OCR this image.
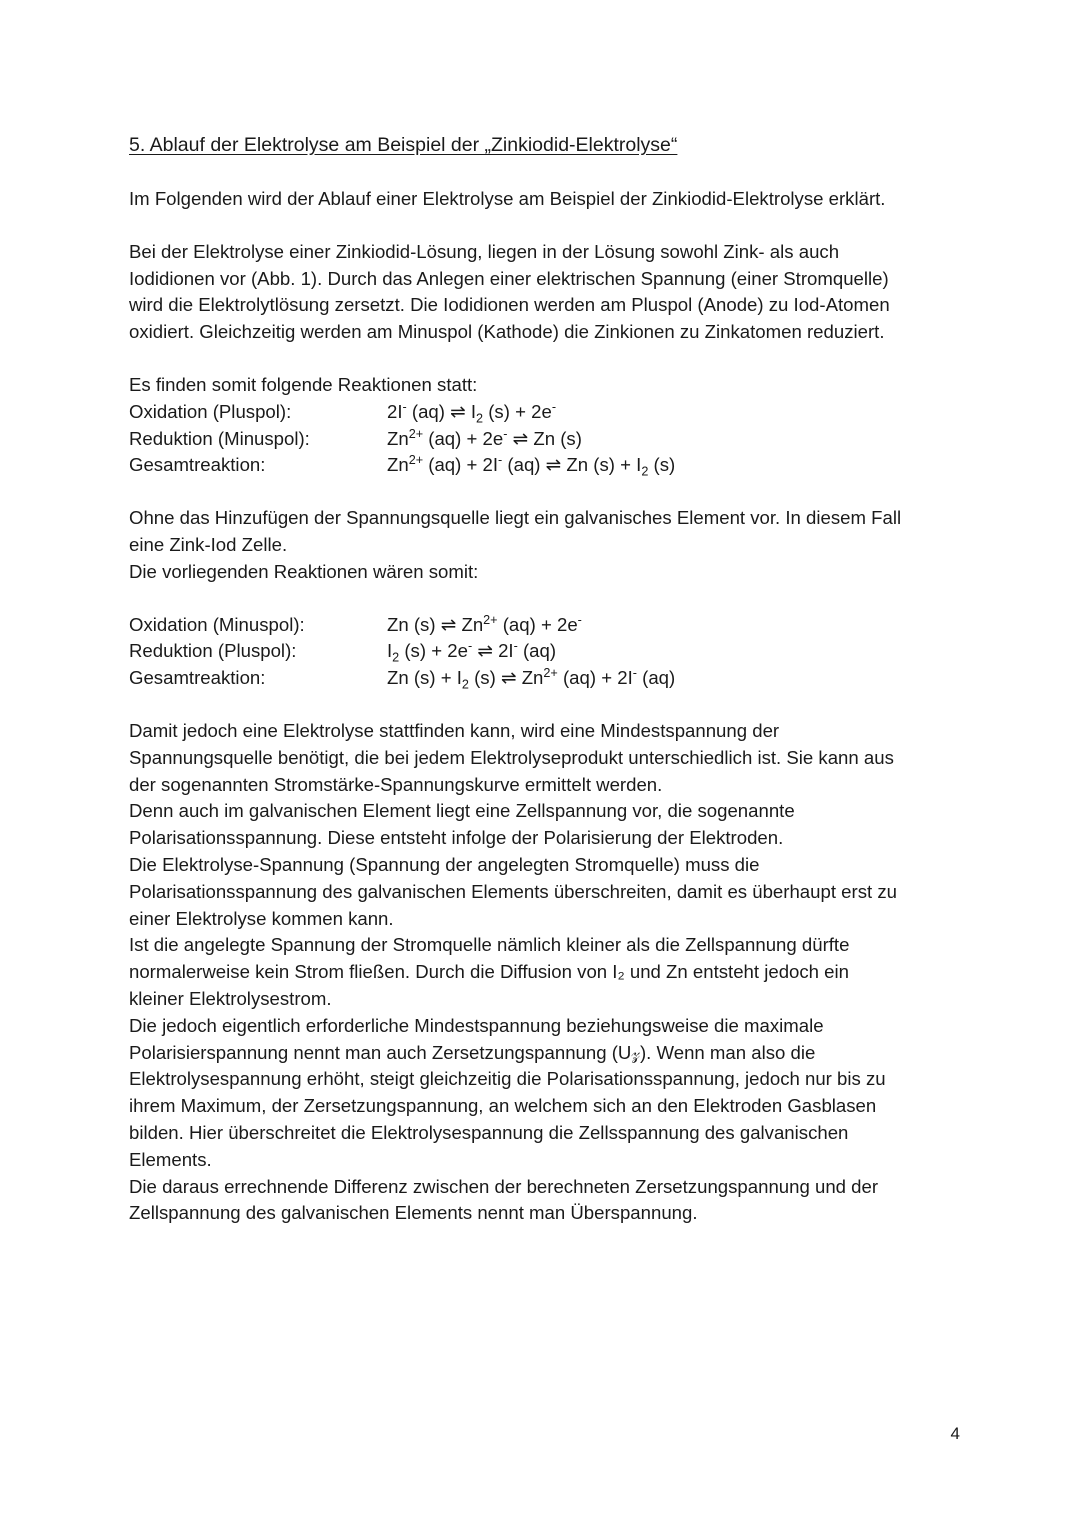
5. Ablauf der Elektrolyse am Beispiel der „Zinkiodid-Elektrolyse“

Im Folgenden wird der Ablauf einer Elektrolyse am Beispiel der Zinkiodid-Elektrolyse erklärt.

Bei der Elektrolyse einer Zinkiodid-Lösung, liegen in der Lösung sowohl Zink- als auch

Iodidionen vor (Abb. 1). Durch das Anlegen einer elektrischen Spannung (einer Stromquelle)

wird die Elektrolytlösung zersetzt. Die Iodidionen werden am Pluspol (Anode) zu Iod-Atomen

oxidiert. Gleichzeitig werden am Minuspol (Kathode) die Zinkionen zu Zinkatomen reduziert.

Es finden somit folgende Reaktionen statt:

Oxidation (Pluspol):	2I- (aq) ⇌ $I_2$ (s) + 2e-
Reduktion (Minuspol):	$Zn^{2+}$ (aq) + 2e- ⇌ Zn (s)
Gesamtreaktion:	$Zn^{2+}$ (aq) + 2I- (aq) ⇌ Zn $(s) + I_2$ (s)

Ohne das Hinzufügen der Spannungsquelle liegt ein galvanisches Element vor. In diesem Fall

eine Zink-Iod Zelle.

Die vorliegenden Reaktionen wären somit:

Oxidation (Minuspol):	Zn (s) ⇌ $Zn^{2+}$ (aq) + 2e-
Reduktion (Pluspol):	$I_2$ (s) + 2e- ⇌ 2I- (aq)
Gesamtreaktion:	Zn $(s) + I_2$ (s) ⇌ $Zn^{2+}$ (aq) + 2I- (aq)

Damit jedoch eine Elektrolyse stattfinden kann, wird eine Mindestspannung der

Spannungsquelle benötigt, die bei jedem Elektrolyseprodukt unterschiedlich ist. Sie kann aus

der sogenannten Stromstärke-Spannungskurve ermittelt werden.

Denn auch im galvanischen Element liegt eine Zellspannung vor, die sogenannte

Polarisationsspannung. Diese entsteht infolge der Polarisierung der Elektroden.

Die Elektrolyse-Spannung (Spannung der angelegten Stromquelle) muss die

Polarisationsspannung des galvanischen Elements überschreiten, damit es überhaupt erst zu

einer Elektrolyse kommen kann.

Ist die angelegte Spannung der Stromquelle nämlich kleiner als die Zellspannung dürfte

normalerweise kein Strom fließen. Durch die Diffusion von I₂ und Zn entsteht jedoch ein

kleiner Elektrolysestrom.

Die jedoch eigentlich erforderliche Mindestspannung beziehungsweise die maximale

Polarisierspannung nennt man auch Zersetzungspannung (U𝓏). Wenn man also die

Elektrolysespannung erhöht, steigt gleichzeitig die Polarisationsspannung, jedoch nur bis zu

ihrem Maximum, der Zersetzungspannung, an welchem sich an den Elektroden Gasblasen

bilden. Hier überschreitet die Elektrolysespannung die Zellsspannung des galvanischen

Elements.

Die daraus errechnende Differenz zwischen der berechneten Zersetzungspannung und der

Zellspannung des galvanischen Elements nennt man Überspannung.

4
